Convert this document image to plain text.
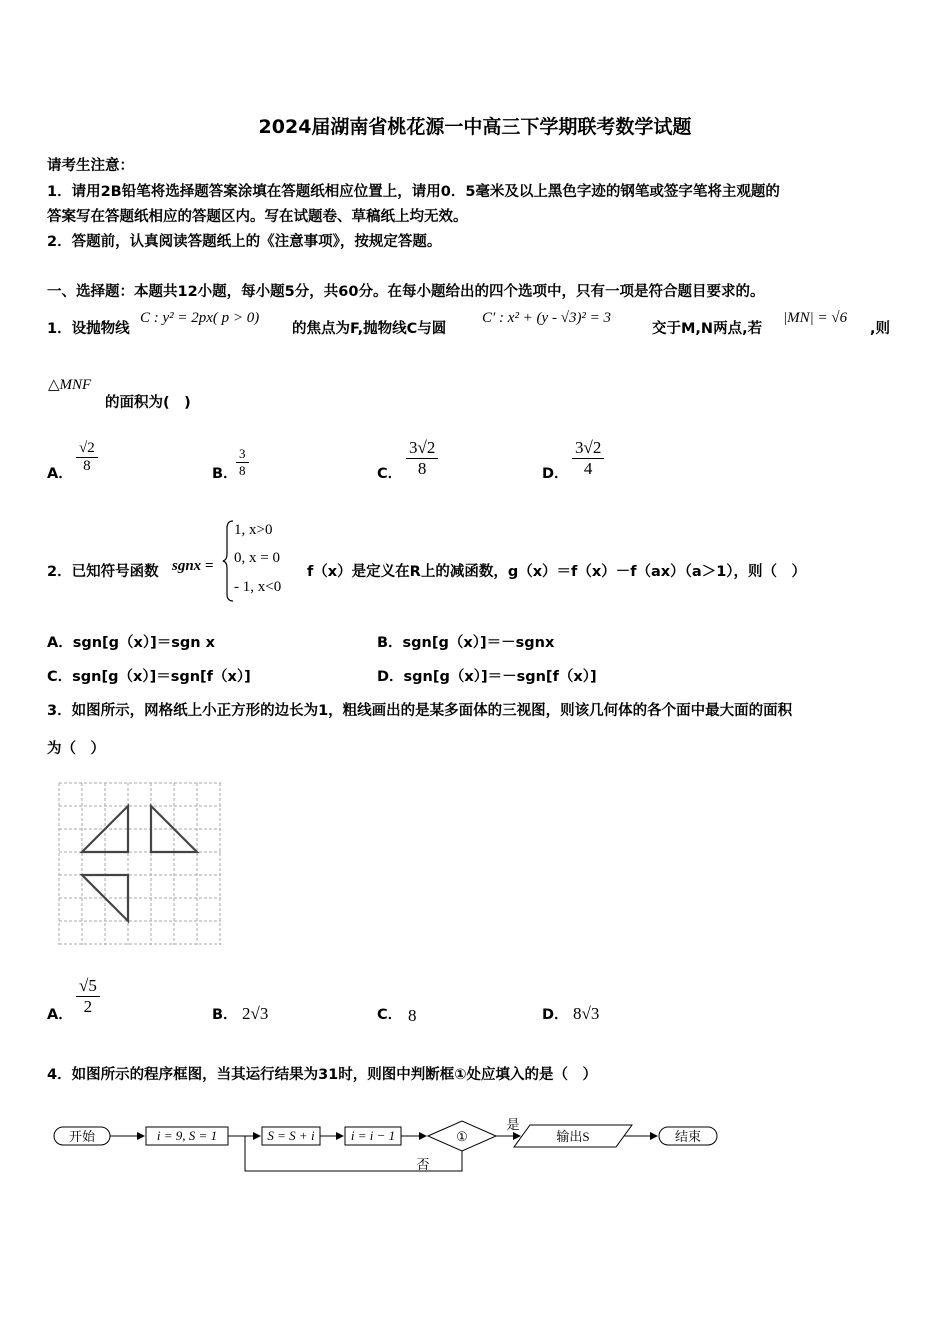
2024届湖南省桃花源一中高三下学期联考数学试题
请考生注意：
1．请用2B铅笔将选择题答案涂填在答题纸相应位置上，请用0．5毫米及以上黑色字迹的钢笔或签字笔将主观题的
答案写在答题纸相应的答题区内。写在试题卷、草稿纸上均无效。
2．答题前，认真阅读答题纸上的《注意事项》，按规定答题。
一、选择题：本题共12小题，每小题5分，共60分。在每小题给出的四个选项中，只有一项是符合题目要求的。
1．设抛物线
C : y² = 2px( p > 0)
的焦点为F,抛物线C与圆
C′ : x² + (y - √3)² = 3
交于M,N两点,若
|MN| = √6
,则
△MNF
的面积为(　)
A． $\frac{√2}{8}$	B．
$\frac{3}{8}$	C． $\frac{3√2}{8}$	D． $\frac{3√2}{4}$
2．已知符号函数 sgnx =
1, x>0
0, x = 0
- 1, x<0
f（x）是定义在R上的减函数，g（x）＝f（x）－f（ax）（a＞1），则（　）
A．sgn[g（x）]＝sgn x	B．sgn[g（x）]＝－sgnx
C．sgn[g（x）]＝sgn[f（x）]	D．sgn[g（x）]＝－sgn[f（x）]
3．如图所示，网格纸上小正方形的边长为1，粗线画出的是某多面体的三视图，则该几何体的各个面中最大面的面积
为（　）
A． $\frac{√5}{2}$	B． 2√3	C． 8	D． 8√3
4．如图所示的程序框图，当其运行结果为31时，则图中判断框①处应填入的是（　）
开始	i = 9, S = 1	S = S + i	i = i − 1	①
是
否
输出S	结束
